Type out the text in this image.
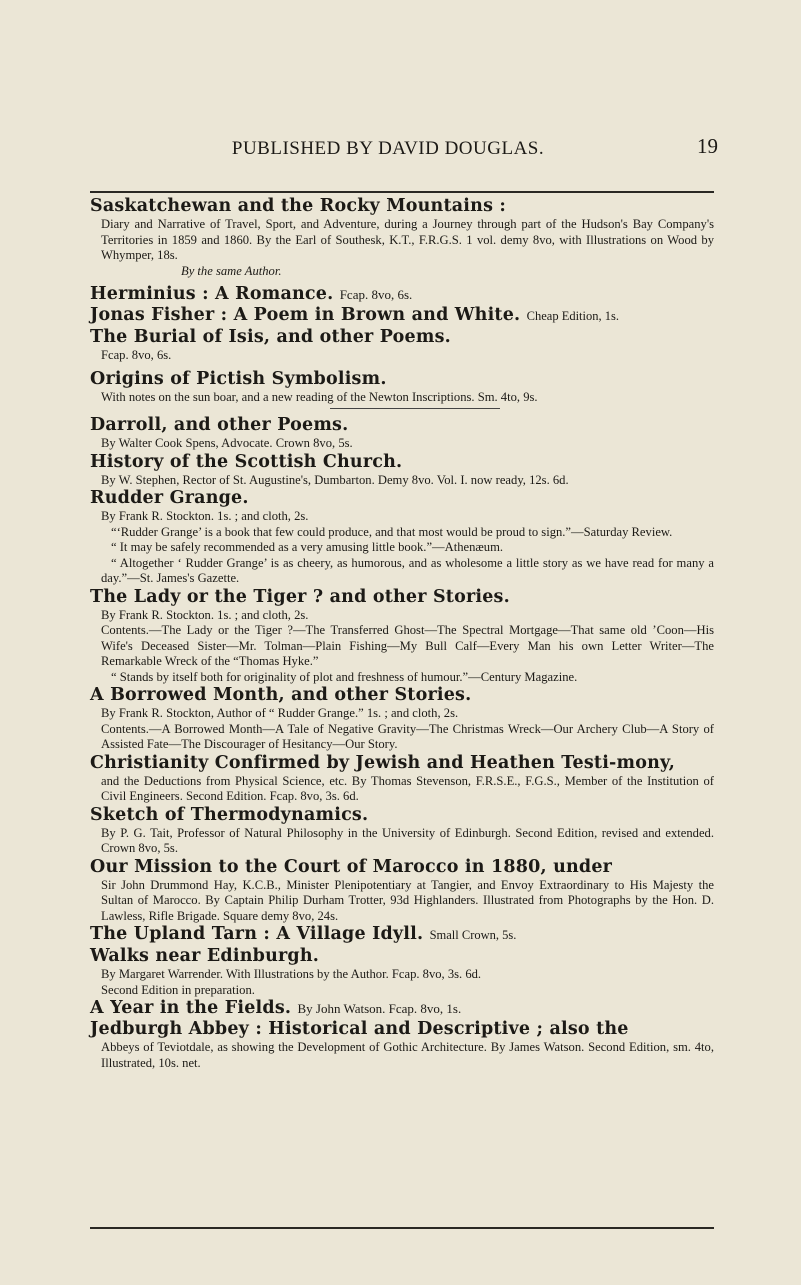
PUBLISHED BY DAVID DOUGLAS.	19
Saskatchewan and the Rocky Mountains :

Diary and Narrative of Travel, Sport, and Adventure, during a Journey through part of the Hudson's Bay Company's Territories in 1859 and 1860. By the Earl of Southesk, K.T., F.R.G.S. 1 vol. demy 8vo, with Illustrations on Wood by Whymper, 18s.

By the same Author.

Herminius : A Romance. Fcap. 8vo, 6s.
Jonas Fisher : A Poem in Brown and White. Cheap Edition, 1s.
The Burial of Isis, and other Poems.

Fcap. 8vo, 6s.

Origins of Pictish Symbolism.

With notes on the sun boar, and a new reading of the Newton Inscriptions. Sm. 4to, 9s.

Darroll, and other Poems.

By Walter Cook Spens, Advocate. Crown 8vo, 5s.

History of the Scottish Church.

By W. Stephen, Rector of St. Augustine's, Dumbarton. Demy 8vo. Vol. I. now ready, 12s. 6d.

Rudder Grange.

By Frank R. Stockton. 1s. ; and cloth, 2s.

“‘Rudder Grange’ is a book that few could produce, and that most would be proud to sign.”—Saturday Review.

“ It may be safely recommended as a very amusing little book.”—Athenæum.

“ Altogether ‘ Rudder Grange’ is as cheery, as humorous, and as wholesome a little story as we have read for many a day.”—St. James's Gazette.

The Lady or the Tiger ? and other Stories.

By Frank R. Stockton. 1s. ; and cloth, 2s.

Contents.—The Lady or the Tiger ?—The Transferred Ghost—The Spectral Mortgage—That same old ’Coon—His Wife's Deceased Sister—Mr. Tolman—Plain Fishing—My Bull Calf—Every Man his own Letter Writer—The Remarkable Wreck of the “Thomas Hyke.”

“ Stands by itself both for originality of plot and freshness of humour.”—Century Magazine.

A Borrowed Month, and other Stories.

By Frank R. Stockton, Author of “ Rudder Grange.” 1s. ; and cloth, 2s.

Contents.—A Borrowed Month—A Tale of Negative Gravity—The Christmas Wreck—Our Archery Club—A Story of Assisted Fate—The Discourager of Hesitancy—Our Story.

Christianity Confirmed by Jewish and Heathen Testi-mony,

and the Deductions from Physical Science, etc. By Thomas Stevenson, F.R.S.E., F.G.S., Member of the Institution of Civil Engineers. Second Edition. Fcap. 8vo, 3s. 6d.

Sketch of Thermodynamics.

By P. G. Tait, Professor of Natural Philosophy in the University of Edinburgh. Second Edition, revised and extended. Crown 8vo, 5s.

Our Mission to the Court of Marocco in 1880, under

Sir John Drummond Hay, K.C.B., Minister Plenipotentiary at Tangier, and Envoy Extraordinary to His Majesty the Sultan of Marocco. By Captain Philip Durham Trotter, 93d Highlanders. Illustrated from Photographs by the Hon. D. Lawless, Rifle Brigade. Square demy 8vo, 24s.

The Upland Tarn : A Village Idyll. Small Crown, 5s.
Walks near Edinburgh.

By Margaret Warrender. With Illustrations by the Author. Fcap. 8vo, 3s. 6d.

Second Edition in preparation.

A Year in the Fields. By John Watson. Fcap. 8vo, 1s.
Jedburgh Abbey : Historical and Descriptive ; also the

Abbeys of Teviotdale, as showing the Development of Gothic Architecture. By James Watson. Second Edition, sm. 4to, Illustrated, 10s. net.
